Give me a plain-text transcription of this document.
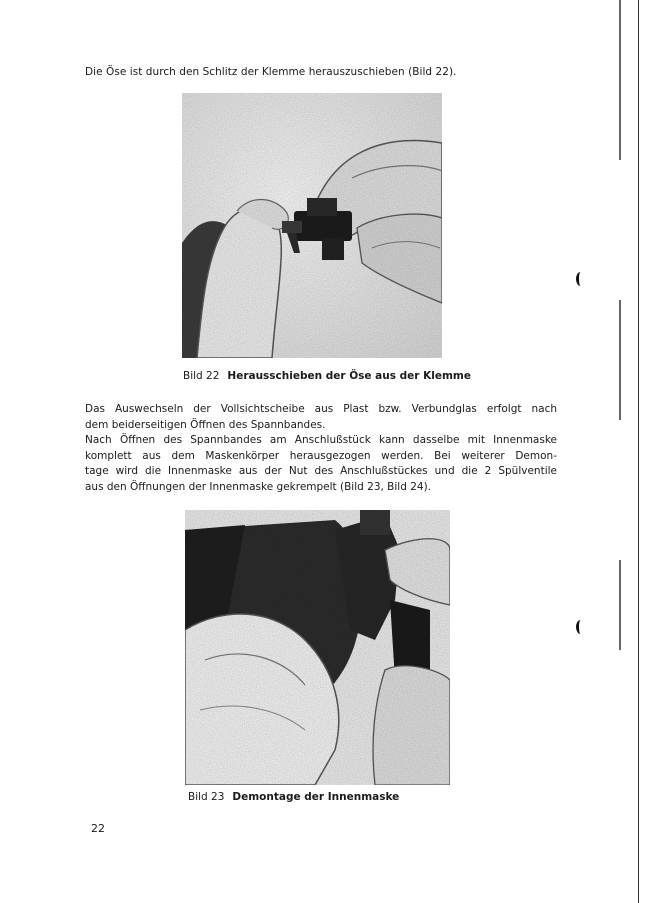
Die Öse ist durch den Schlitz der Klemme herauszuschieben (Bild 22).
Bild 22 Herausschieben der Öse aus der Klemme
Das Auswechseln der Vollsichtscheibe aus Plast bzw. Verbundglas erfolgt nach
dem beiderseitigen Öffnen des Spannbandes.
Nach Öffnen des Spannbandes am Anschlußstück kann dasselbe mit Innenmaske
komplett aus dem Maskenkörper herausgezogen werden. Bei weiterer Demon-
tage wird die Innenmaske aus der Nut des Anschlußstückes und die 2 Spülventile
aus den Öffnungen der Innenmaske gekrempelt (Bild 23, Bild 24).
Bild 23 Demontage der Innenmaske
22
